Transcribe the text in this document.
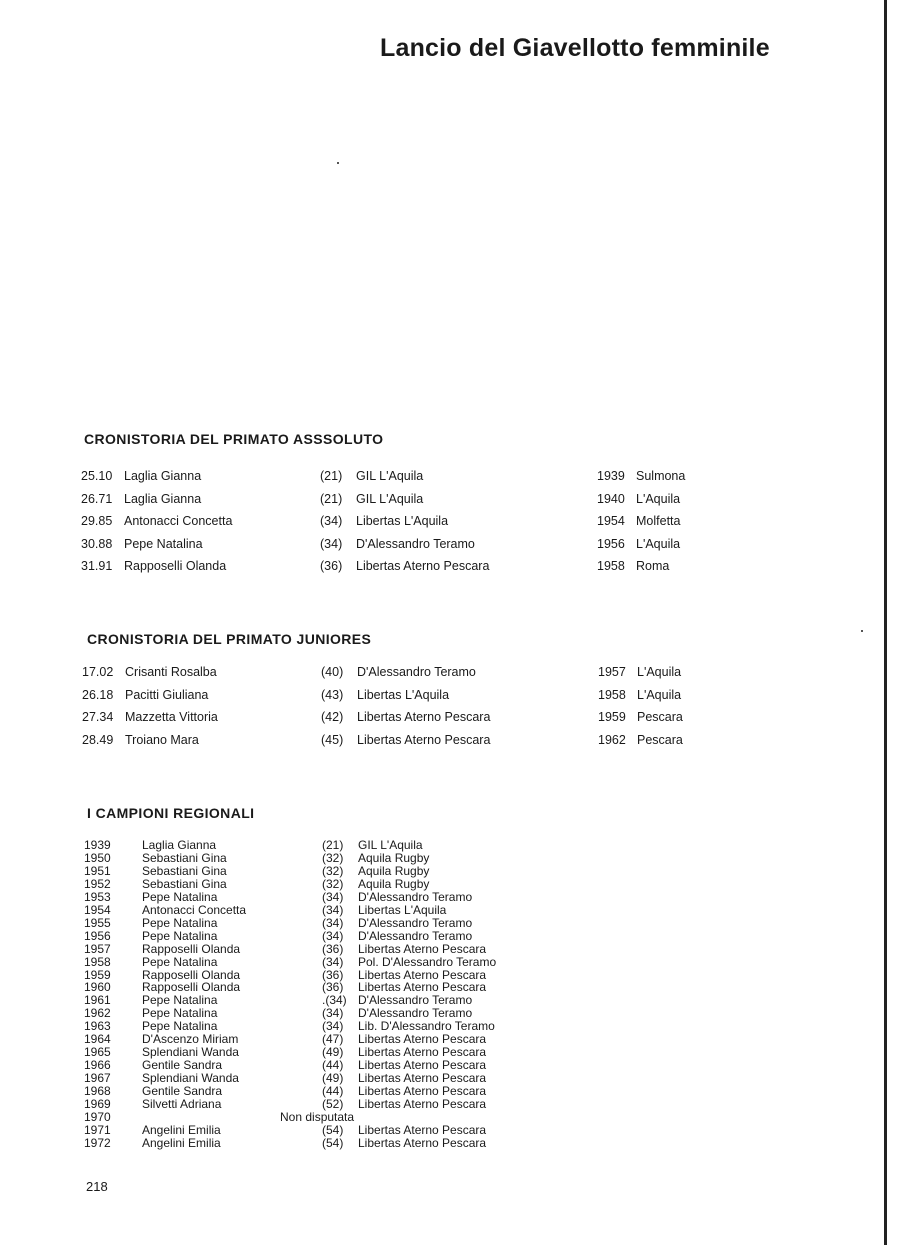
Lancio del Giavellotto femminile
CRONISTORIA DEL PRIMATO ASSSOLUTO
25.10 Laglia Gianna	(21) GIL L'Aquila	1939 Sulmona
26.71 Laglia Gianna	(21) GIL L'Aquila	1940 L'Aquila
29.85 Antonacci Concetta	(34) Libertas L'Aquila	1954 Molfetta
30.88 Pepe Natalina	(34) D'Alessandro Teramo	1956 L'Aquila
31.91 Rapposelli Olanda	(36) Libertas Aterno Pescara	1958 Roma
CRONISTORIA DEL PRIMATO JUNIORES
17.02 Crisanti Rosalba	(40) D'Alessandro Teramo	1957 L'Aquila
26.18 Pacitti Giuliana	(43) Libertas L'Aquila	1958 L'Aquila
27.34 Mazzetta Vittoria	(42) Libertas Aterno Pescara	1959 Pescara
28.49 Troiano Mara	(45) Libertas Aterno Pescara	1962 Pescara
I CAMPIONI REGIONALI
1939	Laglia Gianna	(21) GIL L'Aquila
1950	Sebastiani Gina	(32) Aquila Rugby
1951	Sebastiani Gina	(32) Aquila Rugby
1952	Sebastiani Gina	(32) Aquila Rugby
1953	Pepe Natalina	(34) D'Alessandro Teramo
1954	Antonacci Concetta	(34) Libertas L'Aquila
1955	Pepe Natalina	(34) D'Alessandro Teramo
1956	Pepe Natalina	(34) D'Alessandro Teramo
1957	Rapposelli Olanda	(36) Libertas Aterno Pescara
1958	Pepe Natalina	(34) Pol. D'Alessandro Teramo
1959	Rapposelli Olanda	(36) Libertas Aterno Pescara
1960	Rapposelli Olanda	(36) Libertas Aterno Pescara
1961	Pepe Natalina	.(34) D'Alessandro Teramo
1962	Pepe Natalina	(34) D'Alessandro Teramo
1963	Pepe Natalina	(34) Lib. D'Alessandro Teramo
1964	D'Ascenzo Miriam	(47) Libertas Aterno Pescara
1965	Splendiani Wanda	(49) Libertas Aterno Pescara
1966	Gentile Sandra	(44) Libertas Aterno Pescara
1967	Splendiani Wanda	(49) Libertas Aterno Pescara
1968	Gentile Sandra	(44) Libertas Aterno Pescara
1969	Silvetti Adriana	(52) Libertas Aterno Pescara
1970	Non disputata
1971	Angelini Emilia	(54) Libertas Aterno Pescara
1972	Angelini Emilia	(54) Libertas Aterno Pescara
218
